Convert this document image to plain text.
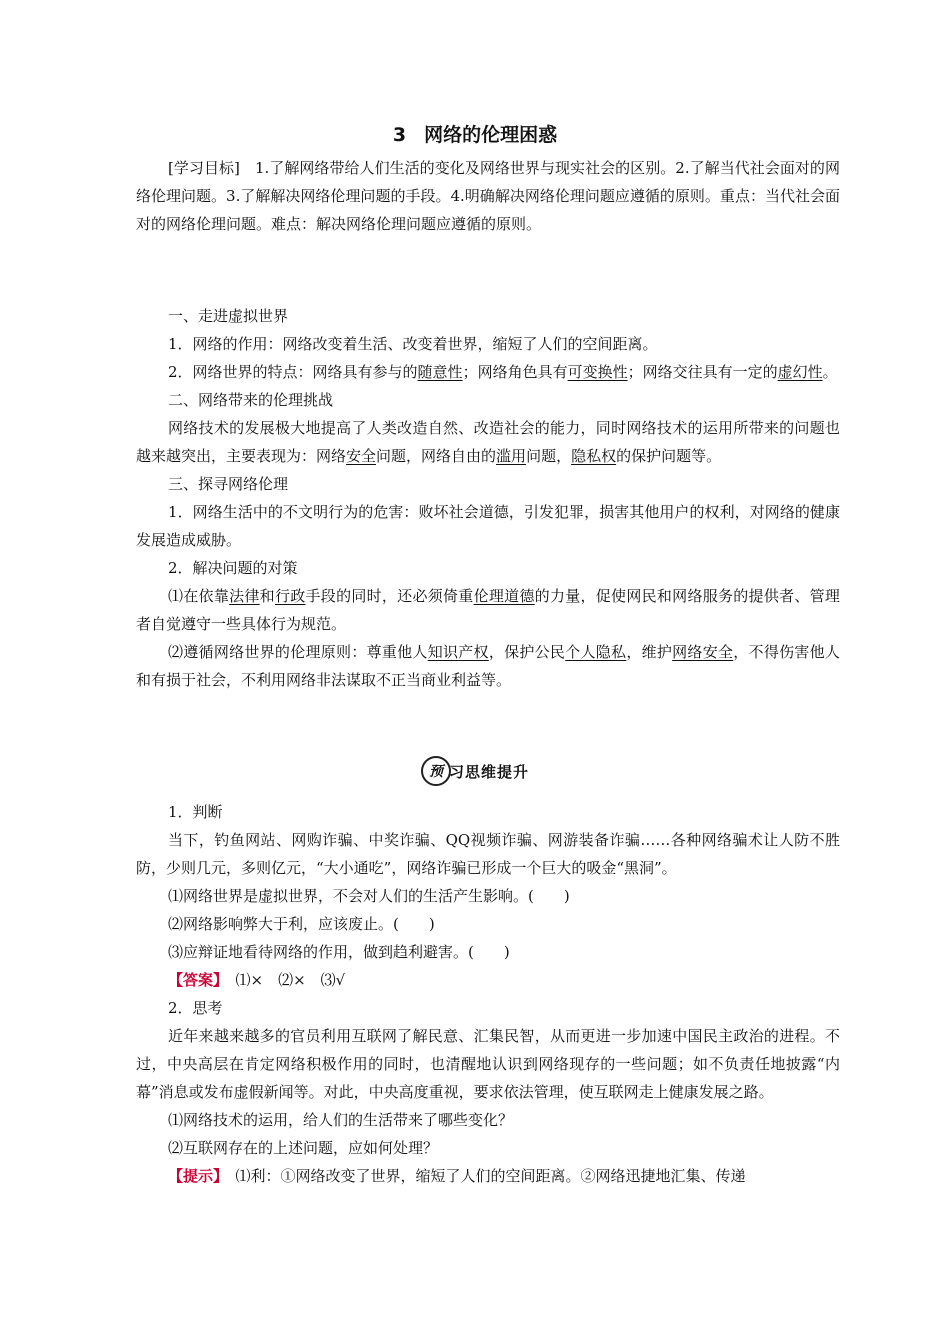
3 网络的伦理困惑

[学习目标]　 1.了解网络带给人们生活的变化及网络世界与现实社会的区别。2.了解当代社会面对的网络伦理问题。3.了解解决网络伦理问题的手段。4.明确解决网络伦理问题应遵循的原则。重点：当代社会面对的网络伦理问题。难点：解决网络伦理问题应遵循的原则。

一、走进虚拟世界

1．网络的作用：网络改变着生活、改变着世界，缩短了人们的空间距离。

2．网络世界的特点：网络具有参与的随意性；网络角色具有可变换性；网络交往具有一定的虚幻性。

二、网络带来的伦理挑战

网络技术的发展极大地提高了人类改造自然、改造社会的能力，同时网络技术的运用所带来的问题也越来越突出，主要表现为：网络安全问题，网络自由的滥用问题，隐私权的保护问题等。

三、探寻网络伦理

1．网络生活中的不文明行为的危害：败坏社会道德，引发犯罪，损害其他用户的权利，对网络的健康发展造成威胁。

2．解决问题的对策

⑴在依靠法律和行政手段的同时，还必须倚重伦理道德的力量，促使网民和网络服务的提供者、管理者自觉遵守一些具体行为规范。

⑵遵循网络世界的伦理原则：尊重他人知识产权，保护公民个人隐私，维护网络安全，不得伤害他人和有损于社会，不利用网络非法谋取不正当商业利益等。

预 习思维提升

1．判断

当下，钓鱼网站、网购诈骗、中奖诈骗、QQ视频诈骗、网游装备诈骗……各种网络骗术让人防不胜防，少则几元，多则亿元，“大小通吃”，网络诈骗已形成一个巨大的吸金“黑洞”。

⑴网络世界是虚拟世界，不会对人们的生活产生影响。(　　)

⑵网络影响弊大于利，应该废止。(　　)

⑶应辩证地看待网络的作用，做到趋利避害。(　　)

【答案】　 ⑴×　⑵×　⑶√

2．思考

近年来越来越多的官员利用互联网了解民意、汇集民智，从而更进一步加速中国民主政治的进程。不过，中央高层在肯定网络积极作用的同时，也清醒地认识到网络现存的一些问题；如不负责任地披露“内幕”消息或发布虚假新闻等。对此，中央高度重视，要求依法管理，使互联网走上健康发展之路。

⑴网络技术的运用，给人们的生活带来了哪些变化？

⑵互联网存在的上述问题，应如何处理？

【提示】　 ⑴利：①网络改变了世界，缩短了人们的空间距离。②网络迅捷地汇集、传递
